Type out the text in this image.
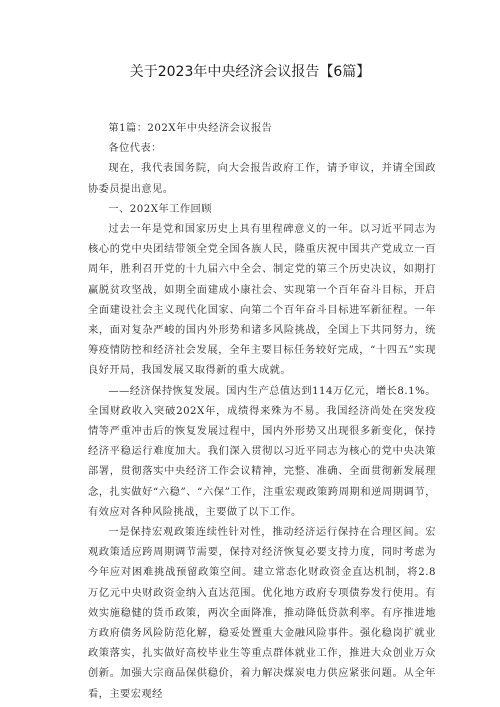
关于2023年中央经济会议报告【6篇】

第1篇：202X年中央经济会议报告

各位代表：

现在，我代表国务院，向大会报告政府工作，请予审议，并请全国政协委员提出意见。

一、202X年工作回顾

过去一年是党和国家历史上具有里程碑意义的一年。以习近平同志为核心的党中央团结带领全党全国各族人民，隆重庆祝中国共产党成立一百周年，胜利召开党的十九届六中全会、制定党的第三个历史决议，如期打赢脱贫攻坚战，如期全面建成小康社会、实现第一个百年奋斗目标，开启全面建设社会主义现代化国家、向第二个百年奋斗目标进军新征程。一年来，面对复杂严峻的国内外形势和诸多风险挑战，全国上下共同努力，统筹疫情防控和经济社会发展，全年主要目标任务较好完成，“十四五”实现良好开局，我国发展又取得新的重大成就。

——经济保持恢复发展。国内生产总值达到114万亿元，增长8.1%。全国财政收入突破202X年，成绩得来殊为不易。我国经济尚处在突发疫情等严重冲击后的恢复发展过程中，国内外形势又出现很多新变化，保持经济平稳运行难度加大。我们深入贯彻以习近平同志为核心的党中央决策部署，贯彻落实中央经济工作会议精神，完整、准确、全面贯彻新发展理念，扎实做好“六稳”、“六保”工作，注重宏观政策跨周期和逆周期调节，有效应对各种风险挑战，主要做了以下工作。

一是保持宏观政策连续性针对性，推动经济运行保持在合理区间。宏观政策适应跨周期调节需要，保持对经济恢复必要支持力度，同时考虑为今年应对困难挑战预留政策空间。建立常态化财政资金直达机制，将2.8万亿元中央财政资金纳入直达范围。优化地方政府专项债券发行使用。有效实施稳健的货币政策，两次全面降准，推动降低贷款利率。有序推进地方政府债务风险防范化解，稳妥处置重大金融风险事件。强化稳岗扩就业政策落实，扎实做好高校毕业生等重点群体就业工作，推进大众创业万众创新。加强大宗商品保供稳价，着力解决煤炭电力供应紧张问题。从全年看，主要宏观经
